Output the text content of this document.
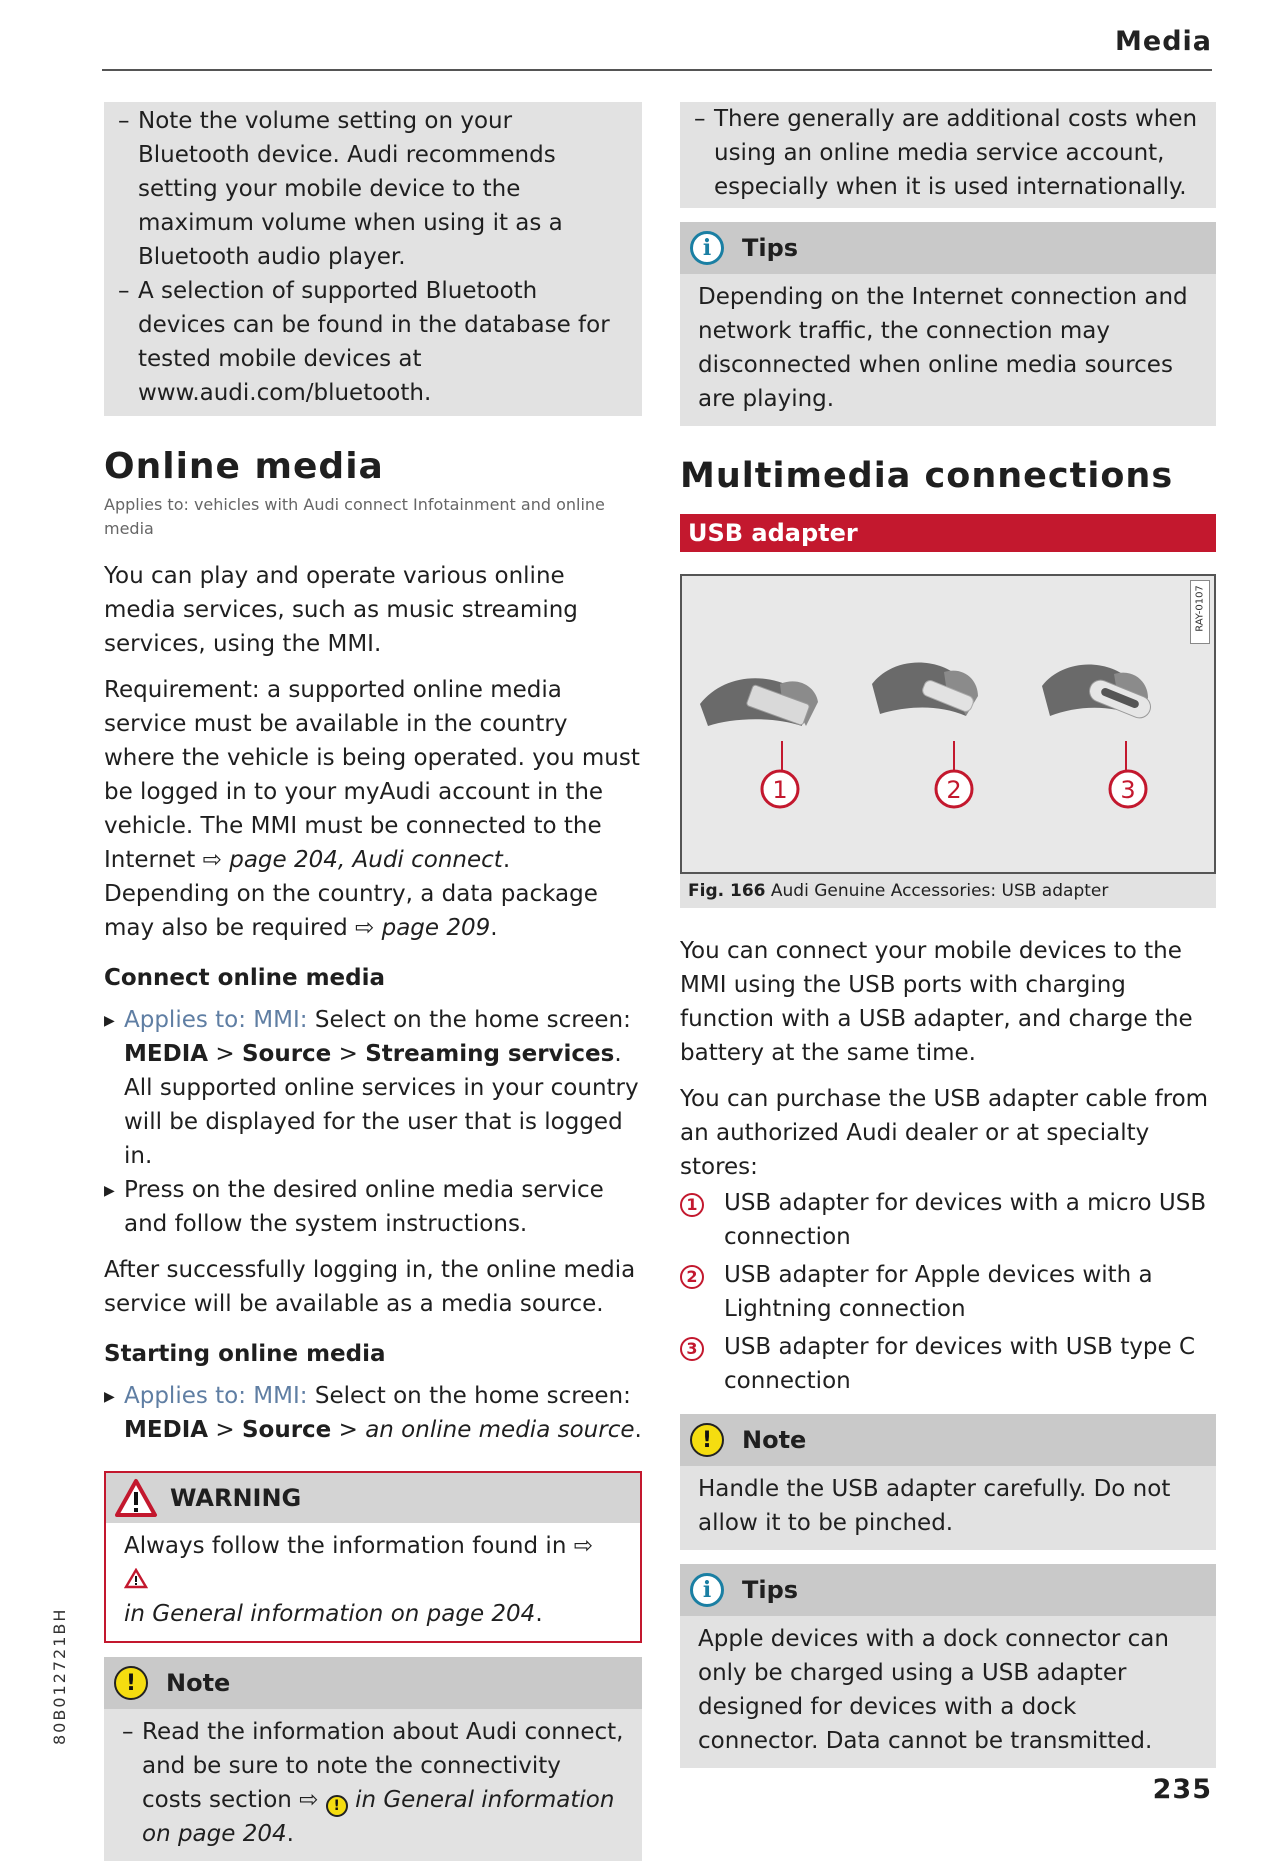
Media
80B012721BH
235
– Note the volume setting on your Bluetooth device. Audi recommends setting your mobile device to the maximum volume when using it as a Bluetooth audio player.
– A selection of supported Bluetooth devices can be found in the database for tested mobile devices at www.audi.com/bluetooth.
Online media
Applies to: vehicles with Audi connect Infotainment and online media

You can play and operate various online media services, such as music streaming services, using the MMI.

Requirement: a supported online media service must be available in the country where the vehicle is being operated. you must be logged in to your myAudi account in the vehicle. The MMI must be connected to the Internet ⇨ page 204, Audi connect. Depending on the country, a data package may also be required ⇨ page 209.

Connect online media
▶ Applies to: MMI: Select on the home screen: MEDIA > Source > Streaming services. All supported online services in your country will be displayed for the user that is logged in.
▶ Press on the desired online media service and follow the system instructions.

After successfully logging in, the online media service will be available as a media source.

Starting online media
▶ Applies to: MMI: Select on the home screen:
MEDIA > Source > an online media source.
WARNING
Always follow the information found in ⇨
in General information on page 204.
!	Note
– Read the information about Audi connect, and be sure to note the connectivity costs section ⇨ ! in General information on page 204.
– There generally are additional costs when using an online media service account, especially when it is used internationally.
i	Tips
Depending on the Internet connection and network traffic, the connection may disconnected when online media sources are playing.
Multimedia connections
USB adapter
RAY-0107
1	2	3
Fig. 166 Audi Genuine Accessories: USB adapter

You can connect your mobile devices to the MMI using the USB ports with charging function with a USB adapter, and charge the battery at the same time.

You can purchase the USB adapter cable from an authorized Audi dealer or at specialty stores:

1	USB adapter for devices with a micro USB connection
2	USB adapter for Apple devices with a Lightning connection
3	USB adapter for devices with USB type C connection
!	Note
Handle the USB adapter carefully. Do not allow it to be pinched.
i	Tips
Apple devices with a dock connector can only be charged using a USB adapter designed for devices with a dock connector. Data cannot be transmitted.
